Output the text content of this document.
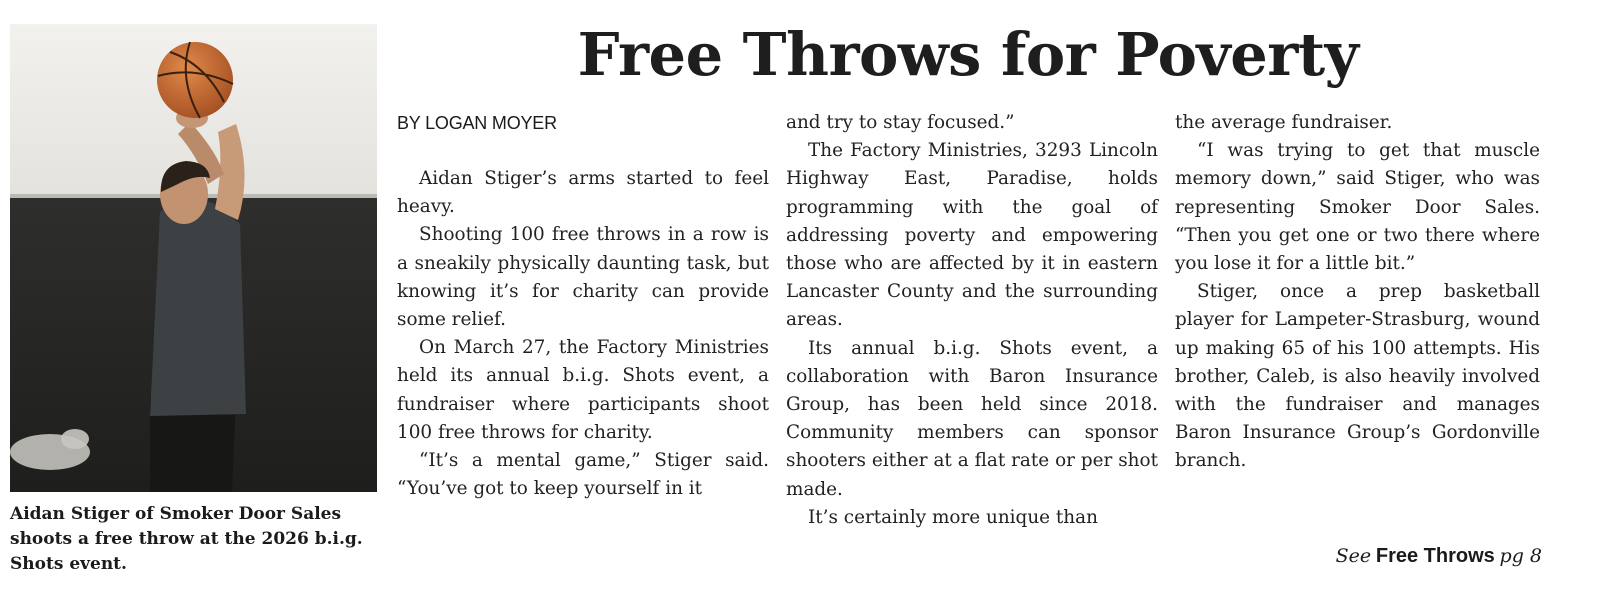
Aidan Stiger of Smoker Door Sales shoots a free throw at the 2026 b.i.g. Shots event.
Free Throws for Poverty
BY LOGAN MOYER

Aidan Stiger’s arms started to feel heavy.

Shooting 100 free throws in a row is a sneakily physically daunting task, but knowing it’s for charity can provide some relief.

On March 27, the Factory Ministries held its annual b.i.g. Shots event, a fundraiser where participants shoot 100 free throws for charity.

“It’s a mental game,” Stiger said. “You’ve got to keep yourself in it

and try to stay focused.”

The Factory Ministries, 3293 Lincoln Highway East, Paradise, holds programming with the goal of addressing poverty and empowering those who are affected by it in eastern Lancaster County and the surrounding areas.

Its annual b.i.g. Shots event, a collaboration with Baron Insurance Group, has been held since 2018. Community members can sponsor shooters either at a flat rate or per shot made.

It’s certainly more unique than

the average fundraiser.

“I was trying to get that muscle memory down,” said Stiger, who was representing Smoker Door Sales. “Then you get one or two there where you lose it for a little bit.”

Stiger, once a prep basketball player for Lampeter-Strasburg, wound up making 65 of his 100 attempts. His brother, Caleb, is also heavily involved with the fundraiser and manages Baron Insurance Group’s Gordonville branch.

See Free Throws pg 8
